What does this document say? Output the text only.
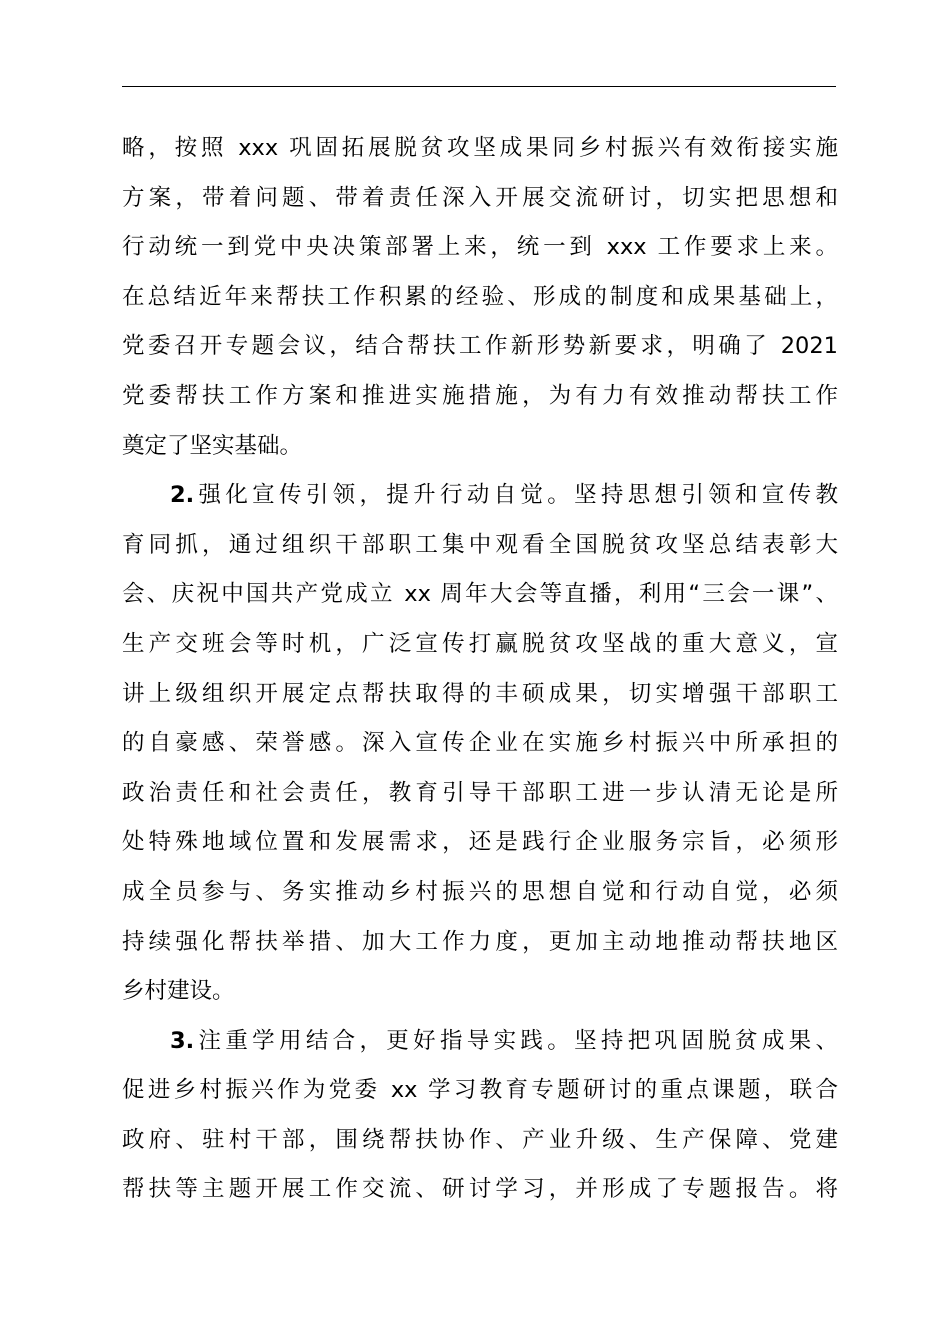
略，按照 xxx 巩固拓展脱贫攻坚成果同乡村振兴有效衔接实施
方案，带着问题、带着责任深入开展交流研讨，切实把思想和
行动统一到党中央决策部署上来，统一到 xxx 工作要求上来。
在总结近年来帮扶工作积累的经验、形成的制度和成果基础上，
党委召开专题会议，结合帮扶工作新形势新要求，明确了 2021
党委帮扶工作方案和推进实施措施，为有力有效推动帮扶工作
奠定了坚实基础。
2.强化宣传引领，提升行动自觉。坚持思想引领和宣传教
育同抓，通过组织干部职工集中观看全国脱贫攻坚总结表彰大
会、庆祝中国共产党成立 xx 周年大会等直播，利用“三会一课”、
生产交班会等时机，广泛宣传打赢脱贫攻坚战的重大意义，宣
讲上级组织开展定点帮扶取得的丰硕成果，切实增强干部职工
的自豪感、荣誉感。深入宣传企业在实施乡村振兴中所承担的
政治责任和社会责任，教育引导干部职工进一步认清无论是所
处特殊地域位置和发展需求，还是践行企业服务宗旨，必须形
成全员参与、务实推动乡村振兴的思想自觉和行动自觉，必须
持续强化帮扶举措、加大工作力度，更加主动地推动帮扶地区
乡村建设。
3.注重学用结合，更好指导实践。坚持把巩固脱贫成果、
促进乡村振兴作为党委 xx 学习教育专题研讨的重点课题，联合
政府、驻村干部，围绕帮扶协作、产业升级、生产保障、党建
帮扶等主题开展工作交流、研讨学习，并形成了专题报告。将
